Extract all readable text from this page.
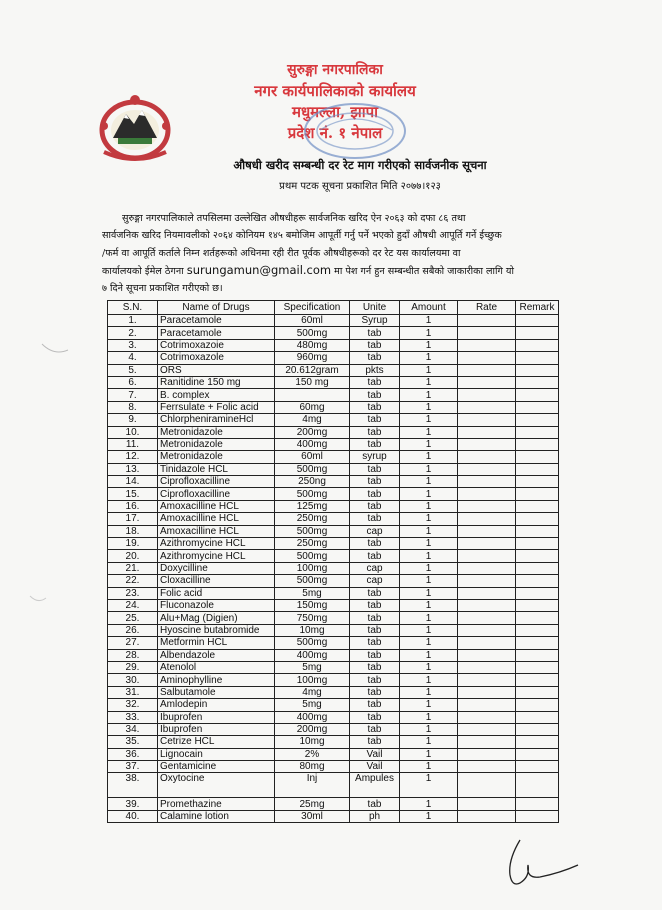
सुरुङ्गा नगरपालिका
नगर कार्यपालिकाको कार्यालय
मधुमल्ला, झापा
प्रदेश नं. १ नेपाल
औषधी खरीद सम्बन्धी दर रेट माग गरीएको सार्वजनीक सूचना
प्रथम पटक सूचना प्रकाशित मिति २०७७।१२३
सुरुङ्गा नगरपालिकाले तपसिलमा उल्लेखित औषधीहरू सार्वजनिक खरिद ऐन २०६३ को दफा ८६ तथा
सार्वजनिक खरिद नियमावलीको २०६४ कोनियम १४५ बमोजिम आपूर्ती गर्नु पर्ने भएको हुदाँ औषधी आपूर्ति गर्ने ईच्छुक
/फर्म वा आपूर्ति कर्ताले निम्न शर्तहरूको अधिनमा रही रीत पूर्वक औषधीहरूको दर रेट यस कार्यालयमा वा
कार्यालयको ईमेल ठेगना surungamun@gmail.com मा पेश गर्न हुन सम्बन्धीत सबैको जाकारीका लागि यो
७ दिने सूचना प्रकाशित गरीएको छ।
S.N.	Name of Drugs	Specification	Unite	Amount	Rate	Remark
1.	Paracetamole	60ml	Syrup	1		
2.	Paracetamole	500mg	tab	1		
3.	Cotrimoxazoie	480mg	tab	1		
4.	Cotrimoxazole	960mg	tab	1		
5.	ORS	20.612gram	pkts	1		
6.	Ranitidine 150 mg	150 mg	tab	1		
7.	B. complex		tab	1		
8.	Ferrsulate + Folic acid	60mg	tab	1		
9.	ChlorpheniramineHcl	4mg	tab	1		
10.	Metronidazole	200mg	tab	1		
11.	Metronidazole	400mg	tab	1		
12.	Metronidazole	60ml	syrup	1		
13.	Tinidazole HCL	500mg	tab	1		
14.	Ciprofloxacilline	250ng	tab	1		
15.	Ciprofloxacilline	500mg	tab	1		
16.	Amoxacilline HCL	125mg	tab	1		
17.	Amoxacilline HCL	250mg	tab	1		
18.	Amoxacilline HCL	500mg	cap	1		
19.	Azithromycine HCL	250mg	tab	1		
20.	Azithromycine HCL	500mg	tab	1		
21.	Doxycilline	100mg	cap	1		
22.	Cloxacilline	500mg	cap	1		
23.	Folic acid	5mg	tab	1		
24.	Fluconazole	150mg	tab	1		
25.	Alu+Mag (Digien)	750mg	tab	1		
26.	Hyoscine butabromide	10mg	tab	1		
27.	Metformin HCL	500mg	tab	1		
28.	Albendazole	400mg	tab	1		
29.	Atenolol	5mg	tab	1		
30.	Aminophylline	100mg	tab	1		
31.	Salbutamole	4mg	tab	1		
32.	Amlodepin	5mg	tab	1		
33.	Ibuprofen	400mg	tab	1		
34.	Ibuprofen	200mg	tab	1		
35.	Cetrize HCL	10mg	tab	1		
36.	Lignocain	2%	Vail	1		
37.	Gentamicine	80mg	Vail	1		
38.	Oxytocine	Inj	Ampules	1		
39.	Promethazine	25mg	tab	1		
40.	Calamine lotion	30ml	ph	1		
